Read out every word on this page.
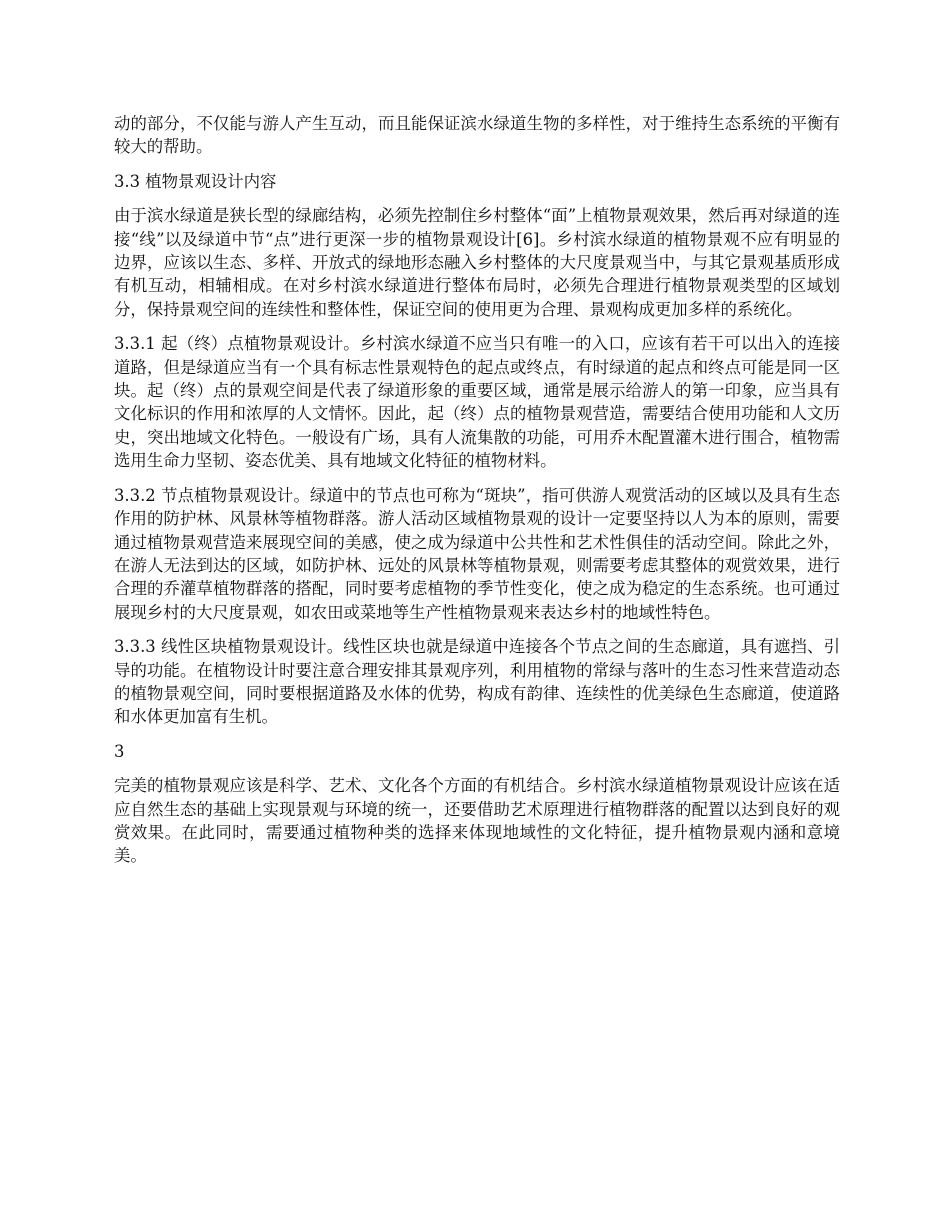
动的部分，不仅能与游人产生互动，而且能保证滨水绿道生物的多样性，对于维持生态系统的平衡有较大的帮助。

3.3 植物景观设计内容

由于滨水绿道是狭长型的绿廊结构，必须先控制住乡村整体“面”上植物景观效果，然后再对绿道的连接“线”以及绿道中节“点”进行更深一步的植物景观设计[6]。乡村滨水绿道的植物景观不应有明显的边界，应该以生态、多样、开放式的绿地形态融入乡村整体的大尺度景观当中，与其它景观基质形成有机互动，相辅相成。在对乡村滨水绿道进行整体布局时，必须先合理进行植物景观类型的区域划分，保持景观空间的连续性和整体性，保证空间的使用更为合理、景观构成更加多样的系统化。

3.3.1 起（终）点植物景观设计。乡村滨水绿道不应当只有唯一的入口，应该有若干可以出入的连接道路，但是绿道应当有一个具有标志性景观特色的起点或终点，有时绿道的起点和终点可能是同一区块。起（终）点的景观空间是代表了绿道形象的重要区域，通常是展示给游人的第一印象，应当具有文化标识的作用和浓厚的人文情怀。因此，起（终）点的植物景观营造，需要结合使用功能和人文历史，突出地域文化特色。一般设有广场，具有人流集散的功能，可用乔木配置灌木进行围合，植物需选用生命力坚韧、姿态优美、具有地域文化特征的植物材料。

3.3.2 节点植物景观设计。绿道中的节点也可称为“斑块”，指可供游人观赏活动的区域以及具有生态作用的防护林、风景林等植物群落。游人活动区域植物景观的设计一定要坚持以人为本的原则，需要通过植物景观营造来展现空间的美感，使之成为绿道中公共性和艺术性俱佳的活动空间。除此之外，在游人无法到达的区域，如防护林、远处的风景林等植物景观，则需要考虑其整体的观赏效果，进行合理的乔灌草植物群落的搭配，同时要考虑植物的季节性变化，使之成为稳定的生态系统。也可通过展现乡村的大尺度景观，如农田或菜地等生产性植物景观来表达乡村的地域性特色。

3.3.3 线性区块植物景观设计。线性区块也就是绿道中连接各个节点之间的生态廊道，具有遮挡、引导的功能。在植物设计时要注意合理安排其景观序列，利用植物的常绿与落叶的生态习性来营造动态的植物景观空间，同时要根据道路及水体的优势，构成有韵律、连续性的优美绿色生态廊道，使道路和水体更加富有生机。

3

完美的植物景观应该是科学、艺术、文化各个方面的有机结合。乡村滨水绿道植物景观设计应该在适应自然生态的基础上实现景观与环境的统一，还要借助艺术原理进行植物群落的配置以达到良好的观赏效果。在此同时，需要通过植物种类的选择来体现地域性的文化特征，提升植物景观内涵和意境美。
